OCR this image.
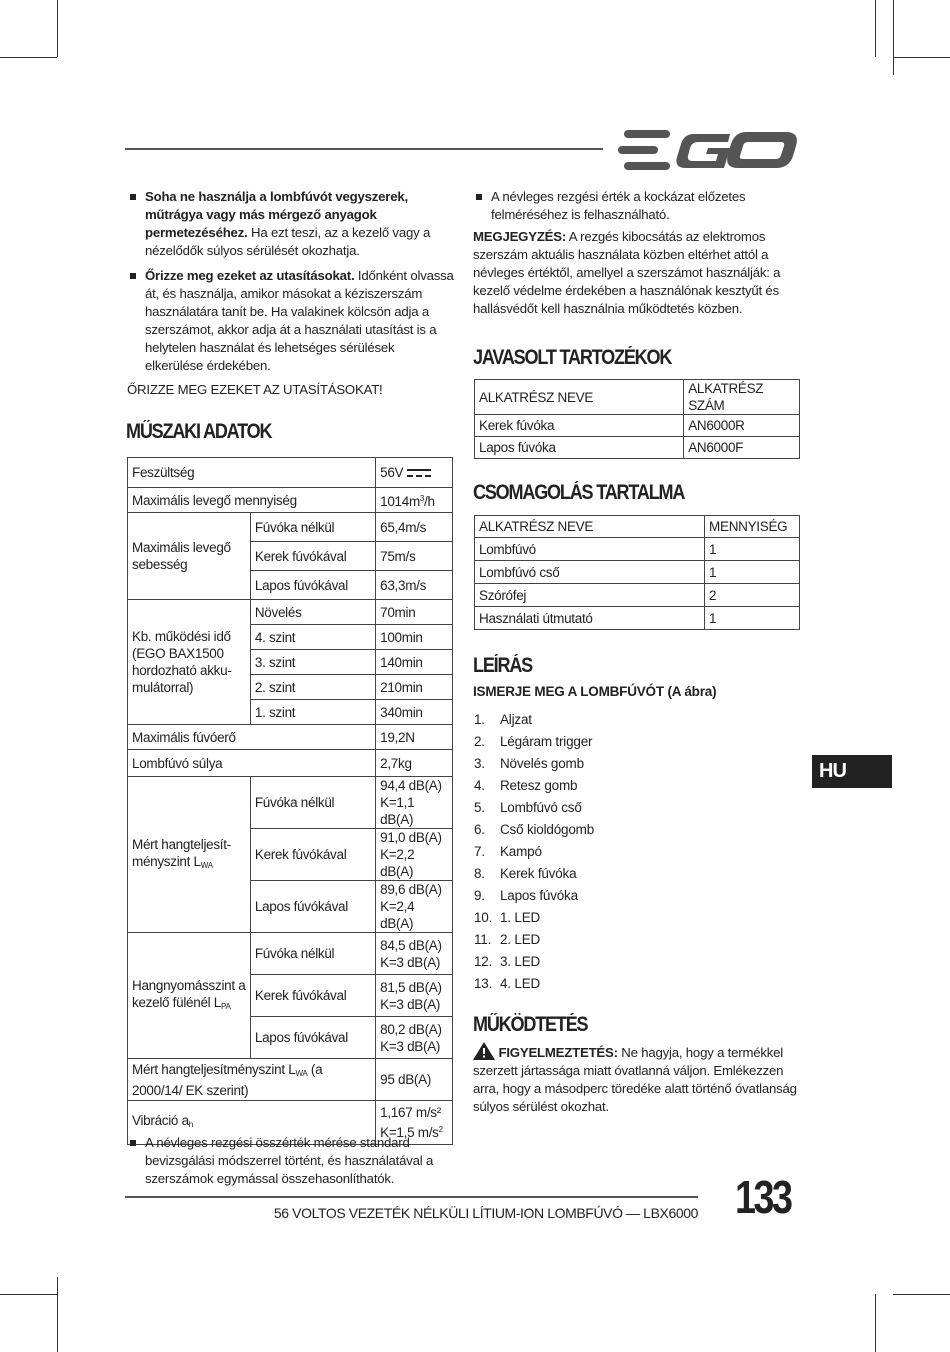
Soha ne használja a lombfúvót vegyszerek, műtrágya vagy más mérgező anyagok permetezéséhez. Ha ezt teszi, az a kezelő vagy a nézelődők súlyos sérülését okozhatja.
Őrizze meg ezeket az utasításokat. Időnként olvassa át, és használja, amikor másokat a kéziszerszám használatára tanít be. Ha valakinek kölcsön adja a szerszámot, akkor adja át a használati utasítást is a helytelen használat és lehetséges sérülések elkerülése érdekében.
ŐRIZZE MEG EZEKET AZ UTASÍTÁSOKAT!
MŰSZAKI ADATOK
Feszültség		56V
Maximális levegő mennyiség		$1014m^3/h$
Maximális levegő sebesség	Fúvóka nélkül	65,4m/s
	Kerek fúvókával	75m/s
	Lapos fúvókával	63,3m/s
Kb. működési idő (EGO BAX1500 hordozható akku-mulátorral)	Növelés	70min
	4. szint	100min
	3. szint	140min
	2. szint	210min
	1. szint	340min
Maximális fúvóerő		19,2N
Lombfúvó súlya		2,7kg
Mért hangteljesít-ményszint $L_{WA}$	Fúvóka nélkül	94,4 dB(A)
K=1,1 dB(A)

	Kerek fúvókával	91,0 dB(A)
K=2,2 dB(A)

	Lapos fúvókával	89,6 dB(A)
K=2,4 dB(A)

Hangnyomásszint a kezelő fülénél $L_{PA}$	Fúvóka nélkül	84,5 dB(A)
K=3 dB(A)

	Kerek fúvókával	81,5 dB(A)
K=3 dB(A)

	Lapos fúvókával	80,2 dB(A)
K=3 dB(A)

Mért hangteljesítményszint $L_{WA}$ (a 2000/14/ EK szerint)		95 dB(A)
Vibráció $a_h$		1,167 m/s²
K=1,5 $m/s^2$
A névleges rezgési összérték mérése standard bevizsgálási módszerrel történt, és használatával a szerszámok egymással összehasonlíthatók.
A névleges rezgési érték a kockázat előzetes felméréséhez is felhasználható.
MEGJEGYZÉS: A rezgés kibocsátás az elektromos szerszám aktuális használata közben eltérhet attól a névleges értéktől, amellyel a szerszámot használják: a kezelő védelme érdekében a használónak kesztyűt és hallásvédőt kell használnia működtetés közben.
JAVASOLT TARTOZÉKOK
ALKATRÉSZ NEVE	ALKATRÉSZ SZÁM
Kerek fúvóka	AN6000R
Lapos fúvóka	AN6000F
CSOMAGOLÁS TARTALMA
ALKATRÉSZ NEVE	MENNYISÉG
Lombfúvó	1
Lombfúvó cső	1
Szórófej	2
Használati útmutató	1
LEÍRÁS
ISMERJE MEG A LOMBFÚVÓT (A ábra)
1.	Aljzat
2.	Légáram trigger
3.	Növelés gomb
4.	Retesz gomb
5.	Lombfúvó cső
6.	Cső kioldógomb
7.	Kampó
8.	Kerek fúvóka
9.	Lapos fúvóka
10. 1. LED
11. 2. LED
12. 3. LED
13. 4. LED
MŰKÖDTETÉS
FIGYELMEZTETÉS: Ne hagyja, hogy a termékkel szerzett jártassága miatt óvatlanná váljon. Emlékezzen arra, hogy a másodperc töredéke alatt történő óvatlanság súlyos sérülést okozhat.
HU
56 VOLTOS VEZETÉK NÉLKÜLI LÍTIUM-ION LOMBFÚVÓ — LBX6000 133
